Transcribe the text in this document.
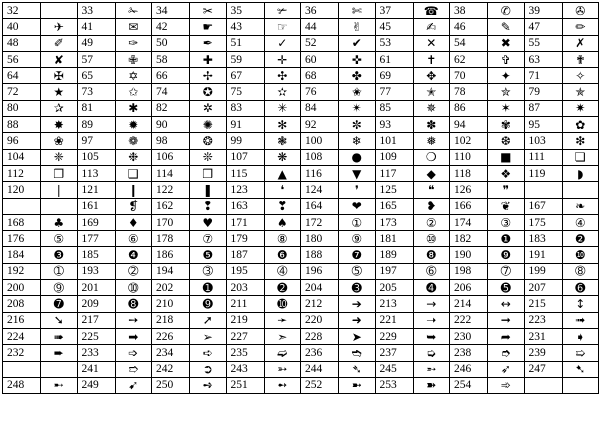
32		33	✁	34	✂	35	✃	36	✄	37	☎	38	✆	39	✇
40	✈	41	✉	42	☛	43	☞	44	✌	45	✍	46	✎	47	✏
48	✐	49	✑	50	✒	51	✓	52	✔	53	✕	54	✖	55	✗
56	✘	57	✙	58	✚	59	✛	60	✜	61	✝	62	✞	63	✟
64	✠	65	✡	66	✢	67	✣	68	✤	69	✥	70	✦	71	✧
72	★	73	✩	74	✪	75	✫	76	✬	77	✭	78	✮	79	✯
80	✰	81	✱	82	✲	83	✳	84	✴	85	✵	86	✶	87	✷
88	✸	89	✹	90	✺	91	✻	92	✼	93	✽	94	✾	95	✿
96	❀	97	❁	98	❂	99	❃	100	❄	101	❅	102	❆	103	❇
104	❈	105	❉	106	❊	107	❋	108	●	109	❍	110	■	111	❏
112	❐	113	❑	114	❒	115	▲	116	▼	117	◆	118	❖	119	◗
120	❘	121	❙	122	❚	123	❛	124	❜	125	❝	126	❞		
		161	❡	162	❢	163	❣	164	❤	165	❥	166	❦	167	❧
168	♣	169	♦	170	♥	171	♠	172	①	173	②	174	③	175	④
176	⑤	177	⑥	178	⑦	179	⑧	180	⑨	181	⑩	182	❶	183	❷
184	❸	185	❹	186	❺	187	❻	188	❼	189	❽	190	❾	191	❿
192	➀	193	➁	194	➂	195	➃	196	➄	197	➅	198	➆	199	➇
200	➈	201	➉	202	➊	203	➋	204	➌	205	➍	206	➎	207	➏
208	➐	209	➑	210	➒	211	➓	212	➔	213	→	214	↔	215	↕
216	➘	217	➙	218	➚	219	➛	220	➜	221	➝	222	➞	223	➟
224	➠	225	➡	226	➢	227	➣	228	➤	229	➥	230	➦	231	➧
232	➨	233	➩	234	➪	235	➫	236	➬	237	➭	238	➮	239	➯
		241	➱	242	➲	243	➳	244	➴	245	➵	246	➶	247	➷
248	➸	249	➹	250	➺	251	➻	252	➼	253	➽	254	➾		
